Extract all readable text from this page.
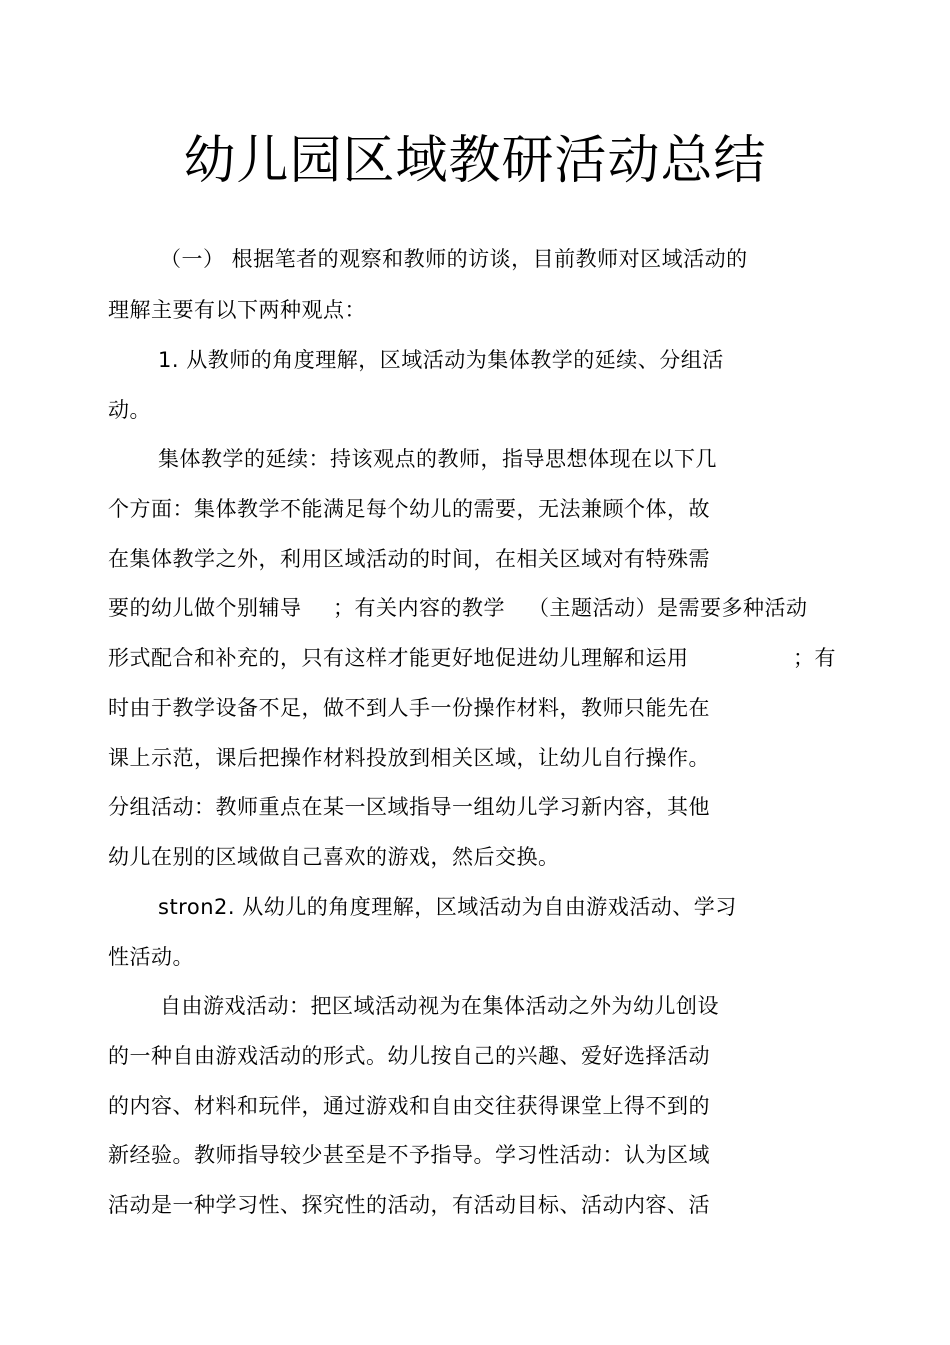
幼儿园区域教研活动总结
（一） 根据笔者的观察和教师的访谈，目前教师对区域活动的
理解主要有以下两种观点：
1. 从教师的角度理解，区域活动为集体教学的延续、分组活
动。
集体教学的延续：持该观点的教师，指导思想体现在以下几
个方面：集体教学不能满足每个幼儿的需要，无法兼顾个体，故
在集体教学之外，利用区域活动的时间，在相关区域对有特殊需
要的幼儿做个别辅导 ；有关内容的教学 （主题活动）是需要多种活动
形式配合和补充的，只有这样才能更好地促进幼儿理解和运用	；有
时由于教学设备不足，做不到人手一份操作材料，教师只能先在
课上示范，课后把操作材料投放到相关区域，让幼儿自行操作。
分组活动：教师重点在某一区域指导一组幼儿学习新内容，其他
幼儿在别的区域做自己喜欢的游戏，然后交换。
stron2. 从幼儿的角度理解，区域活动为自由游戏活动、学习
性活动。
自由游戏活动：把区域活动视为在集体活动之外为幼儿创设
的一种自由游戏活动的形式。幼儿按自己的兴趣、爱好选择活动
的内容、材料和玩伴，通过游戏和自由交往获得课堂上得不到的
新经验。教师指导较少甚至是不予指导。学习性活动：认为区域
活动是一种学习性、探究性的活动，有活动目标、活动内容、活
